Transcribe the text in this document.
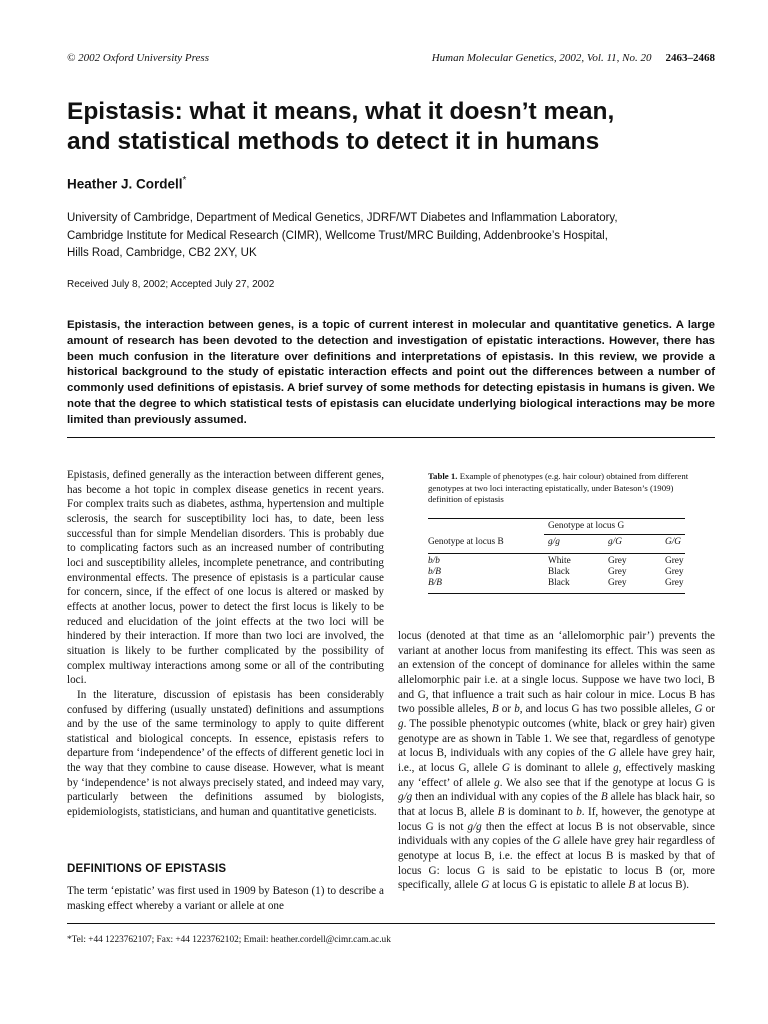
© 2002 Oxford University Press	Human Molecular Genetics, 2002, Vol. 11, No. 20 2463–2468
Epistasis: what it means, what it doesn’t mean,
and statistical methods to detect it in humans
Heather J. Cordell*
University of Cambridge, Department of Medical Genetics, JDRF/WT Diabetes and Inflammation Laboratory,
Cambridge Institute for Medical Research (CIMR), Wellcome Trust/MRC Building, Addenbrooke’s Hospital,
Hills Road, Cambridge, CB2 2XY, UK
Received July 8, 2002; Accepted July 27, 2002

Epistasis, the interaction between genes, is a topic of current interest in molecular and quantitative genetics. A large amount of research has been devoted to the detection and investigation of epistatic interactions. However, there has been much confusion in the literature over definitions and interpretations of epistasis. In this review, we provide a historical background to the study of epistatic interaction effects and point out the differences between a number of commonly used definitions of epistasis. A brief survey of some methods for detecting epistasis in humans is given. We note that the degree to which statistical tests of epistasis can elucidate underlying biological interactions may be more limited than previously assumed.

Epistasis, defined generally as the interaction between different genes, has become a hot topic in complex disease genetics in recent years. For complex traits such as diabetes, asthma, hypertension and multiple sclerosis, the search for susceptibility loci has, to date, been less successful than for simple Mendelian disorders. This is probably due to complicating factors such as an increased number of contributing loci and susceptibility alleles, incomplete penetrance, and contributing environmental effects. The presence of epistasis is a particular cause for concern, since, if the effect of one locus is altered or masked by effects at another locus, power to detect the first locus is likely to be reduced and elucidation of the joint effects at the two loci will be hindered by their interaction. If more than two loci are involved, the situation is likely to be further complicated by the possibility of complex multiway interactions among some or all of the contributing loci.

In the literature, discussion of epistasis has been considerably confused by differing (usually unstated) definitions and assumptions and by the use of the same terminology to apply to quite different statistical and biological concepts. In essence, epistasis refers to departure from ‘independence’ of the effects of different genetic loci in the way that they combine to cause disease. However, what is meant by ‘independence’ is not always precisely stated, and indeed may vary, particularly between the definitions assumed by biologists, epidemiologists, statisticians, and human and quantitative geneticists.

DEFINITIONS OF EPISTASIS

The term ‘epistatic’ was first used in 1909 by Bateson (1) to describe a masking effect whereby a variant or allele at one

Table 1. Example of phenotypes (e.g. hair colour) obtained from different genotypes at two loci interacting epistatically, under Bateson’s (1909) definition of epistasis
Genotype at locus G
Genotype at locus B	g/g	g/G	G/G
b/b	White	Grey	Grey
b/B	Black	Grey	Grey
B/B	Black	Grey	Grey

locus (denoted at that time as an ‘allelomorphic pair’) prevents the variant at another locus from manifesting its effect. This was seen as an extension of the concept of dominance for alleles within the same allelomorphic pair i.e. at a single locus. Suppose we have two loci, B and G, that influence a trait such as hair colour in mice. Locus B has two possible alleles, B or b, and locus G has two possible alleles, G or g. The possible phenotypic outcomes (white, black or grey hair) given genotype are as shown in Table 1. We see that, regardless of genotype at locus B, individuals with any copies of the G allele have grey hair, i.e., at locus G, allele G is dominant to allele g, effectively masking any ‘effect’ of allele g. We also see that if the genotype at locus G is g/g then an individual with any copies of the B allele has black hair, so that at locus B, allele B is dominant to b. If, however, the genotype at locus G is not g/g then the effect at locus B is not observable, since individuals with any copies of the G allele have grey hair regardless of genotype at locus B, i.e. the effect at locus B is masked by that of locus G: locus G is said to be epistatic to locus B (or, more specifically, allele G at locus G is epistatic to allele B at locus B).

*Tel: +44 1223762107; Fax: +44 1223762102; Email: heather.cordell@cimr.cam.ac.uk
